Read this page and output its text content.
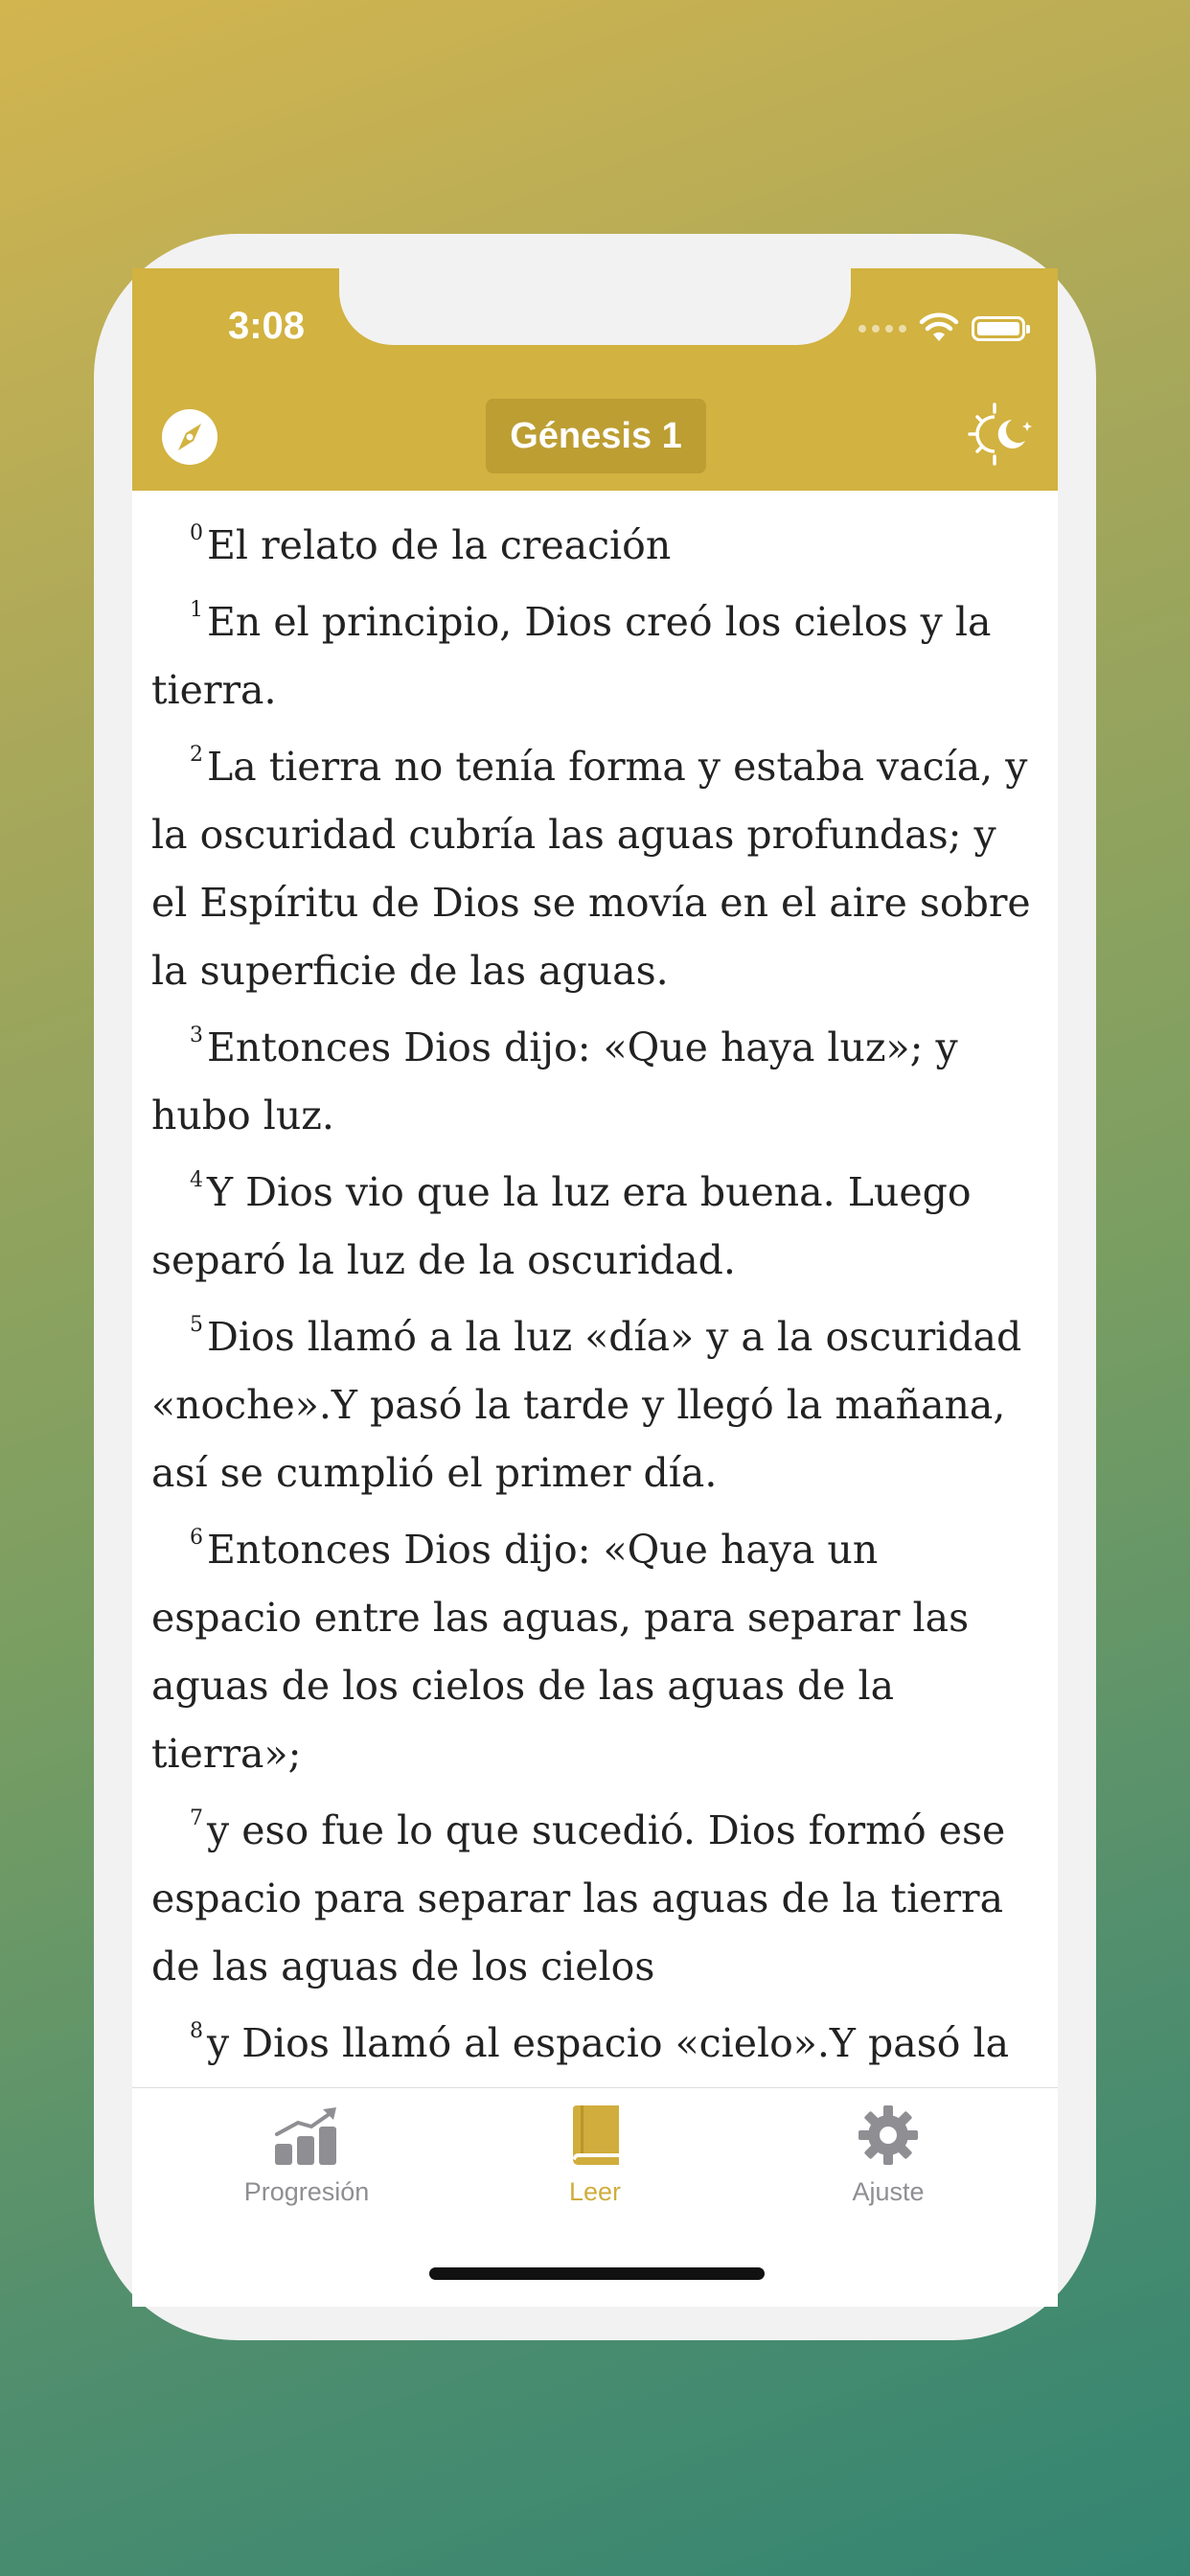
3:08
Génesis 1

$^0$El relato de la creación

$^1$En el principio, Dios creó los cielos y la tierra.

$^2$La tierra no tenía forma y estaba vacía, y la oscuridad cubría las aguas profundas; y el Espíritu de Dios se movía en el aire sobre la superficie de las aguas.

$^3$Entonces Dios dijo: «Que haya luz»; y hubo luz.

$^4$Y Dios vio que la luz era buena. Luego separó la luz de la oscuridad.

$^5$Dios llamó a la luz «día» y a la oscuridad «noche».Y pasó la tarde y llegó la mañana, así se cumplió el primer día.

$^6$Entonces Dios dijo: «Que haya un espacio entre las aguas, para separar las aguas de los cielos de las aguas de la tierra»;

$^7$y eso fue lo que sucedió. Dios formó ese espacio para separar las aguas de la tierra de las aguas de los cielos

$^8$y Dios llamó al espacio «cielo».Y pasó la

Progresión	Leer	Ajuste
